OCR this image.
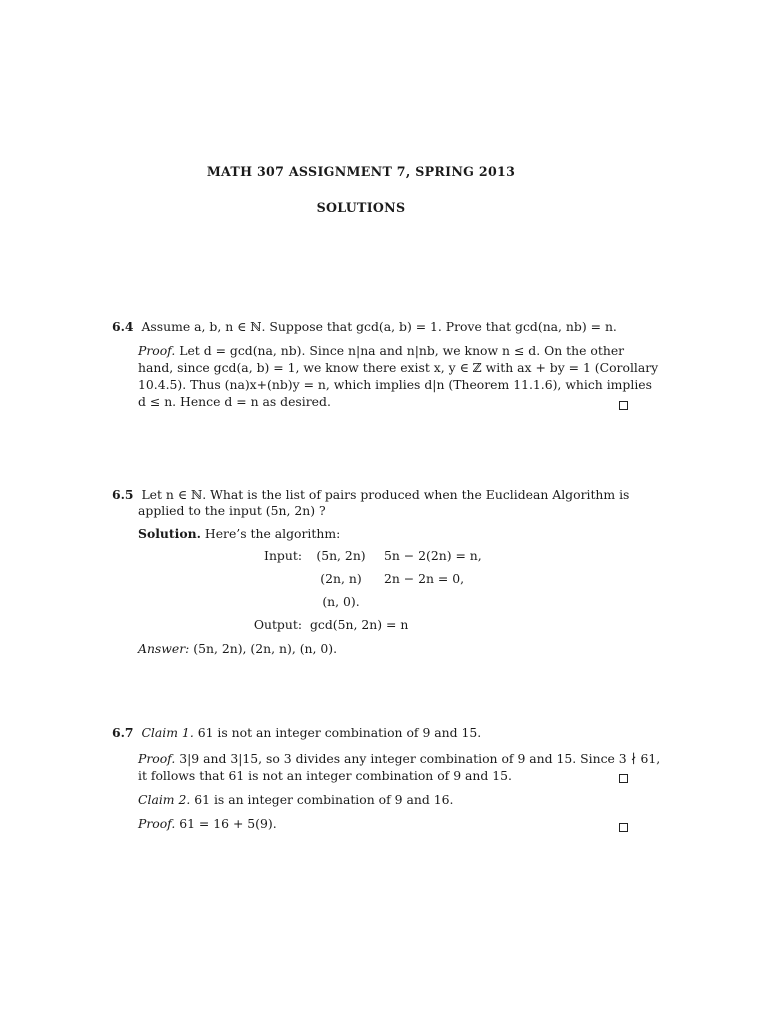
MATH 307 ASSIGNMENT 7, SPRING 2013
SOLUTIONS
6.4 Assume a, b, n ∈ ℕ. Suppose that gcd(a, b) = 1. Prove that gcd(na, nb) = n.
Proof. Let d = gcd(na, nb). Since n|na and n|nb, we know n ≤ d. On the other
hand, since gcd(a, b) = 1, we know there exist x, y ∈ ℤ with ax + by = 1 (Corollary
10.4.5). Thus (na)x+(nb)y = n, which implies d|n (Theorem 11.1.6), which implies
d ≤ n. Hence d = n as desired.
6.5 Let n ∈ ℕ. What is the list of pairs produced when the Euclidean Algorithm is
applied to the input (5n, 2n) ?
Solution. Here’s the algorithm:
Input:	(5n, 2n)	5n − 2(2n) = n,
	(2n, n)	2n − 2n = 0,
	(n, 0).	
Output:	gcd(5n, 2n) = n	
Answer: (5n, 2n), (2n, n), (n, 0).
6.7 Claim 1. 61 is not an integer combination of 9 and 15.
Proof. 3|9 and 3|15, so 3 divides any integer combination of 9 and 15. Since 3 ∤ 61,
it follows that 61 is not an integer combination of 9 and 15.
Claim 2. 61 is an integer combination of 9 and 16.
Proof. 61 = 16 + 5(9).
